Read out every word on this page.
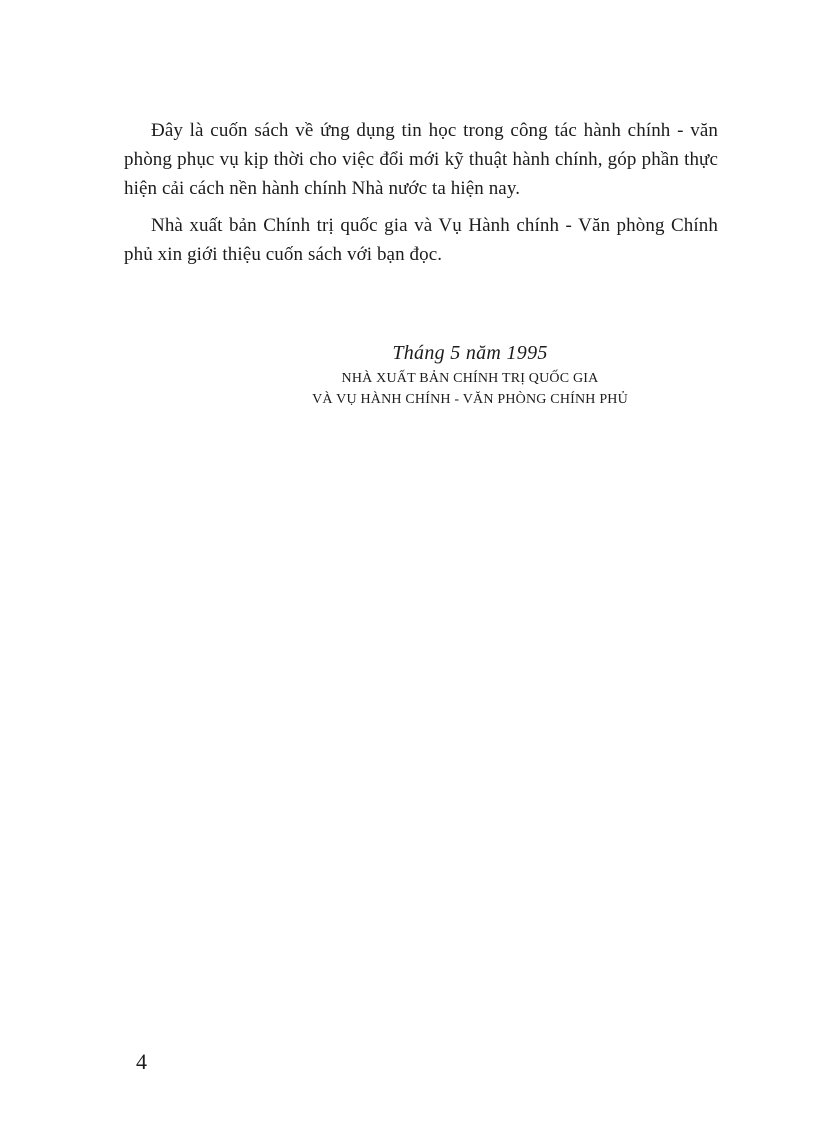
Đây là cuốn sách về ứng dụng tin học trong công tác hành chính - văn phòng phục vụ kịp thời cho việc đổi mới kỹ thuật hành chính, góp phần thực hiện cải cách nền hành chính Nhà nước ta hiện nay.

Nhà xuất bản Chính trị quốc gia và Vụ Hành chính - Văn phòng Chính phủ xin giới thiệu cuốn sách với bạn đọc.

Tháng 5 năm 1995
NHÀ XUẤT BẢN CHÍNH TRỊ QUỐC GIA
VÀ VỤ HÀNH CHÍNH - VĂN PHÒNG CHÍNH PHỦ
4
